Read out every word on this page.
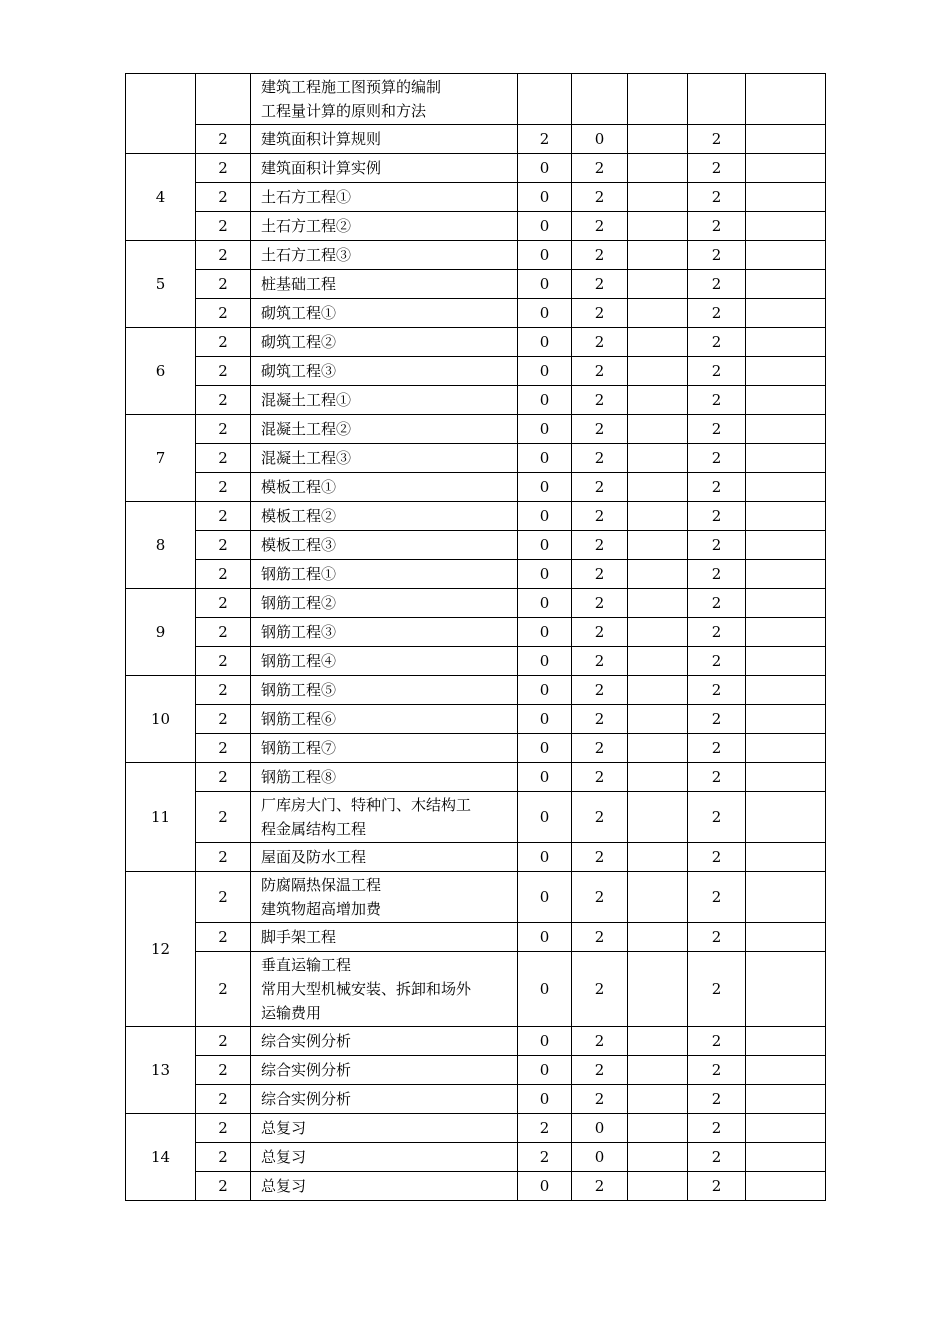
		建筑工程施工图预算的编制
工程量计算的原则和方法					

	2	建筑面积计算规则	2	0		2	
4	2	建筑面积计算实例	0	2		2	
	2	土石方工程①	0	2		2	
	2	土石方工程②	0	2		2	
5	2	土石方工程③	0	2		2	
	2	桩基础工程	0	2		2	
	2	砌筑工程①	0	2		2	
6	2	砌筑工程②	0	2		2	
	2	砌筑工程③	0	2		2	
	2	混凝土工程①	0	2		2	
7	2	混凝土工程②	0	2		2	
	2	混凝土工程③	0	2		2	
	2	模板工程①	0	2		2	
8	2	模板工程②	0	2		2	
	2	模板工程③	0	2		2	
	2	钢筋工程①	0	2		2	
9	2	钢筋工程②	0	2		2	
	2	钢筋工程③	0	2		2	
	2	钢筋工程④	0	2		2	
10	2	钢筋工程⑤	0	2		2	
	2	钢筋工程⑥	0	2		2	
	2	钢筋工程⑦	0	2		2	
11	2	钢筋工程⑧	0	2		2	
	2	厂库房大门、特种门、木结构工
程金属结构工程	0	2		2	
	2	屋面及防水工程	0	2		2	
12	2	防腐隔热保温工程
建筑物超高增加费	0	2		2	
	2	脚手架工程	0	2		2	
	2	垂直运输工程
常用大型机械安装、拆卸和场外
运输费用	0	2		2	
13	2	综合实例分析	0	2		2	
	2	综合实例分析	0	2		2	
	2	综合实例分析	0	2		2	
14	2	总复习	2	0		2	
	2	总复习	2	0		2	
	2	总复习	0	2		2	
